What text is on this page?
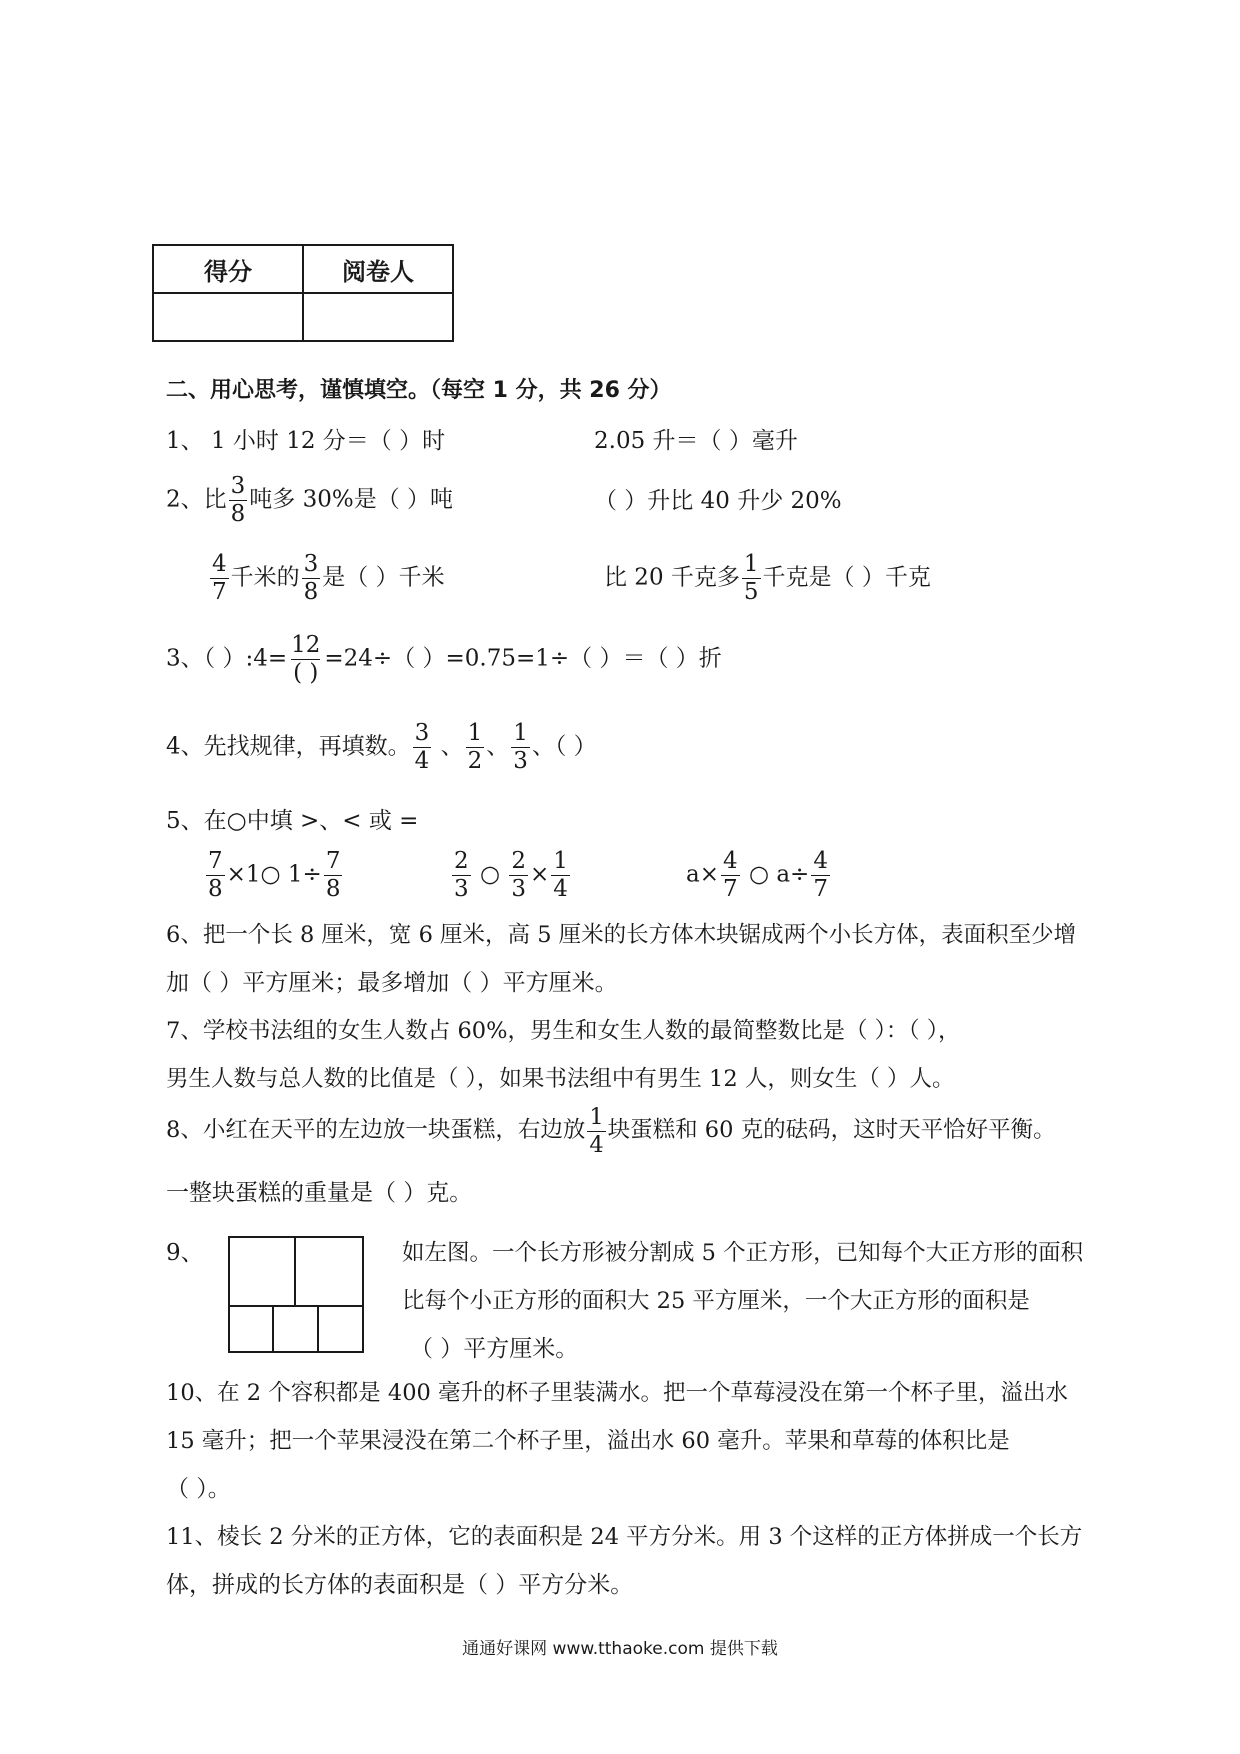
得分	阅卷人

二、用心思考，谨慎填空。（每空 1 分，共 26 分）
1、 1 小时 12 分＝（ ）时	2.05 升＝（ ）毫升
2、比 $\frac{3}{8}$ 吨多 30%是（ ）吨	（ ）升比 40 升少 20%
$\frac{4}{7}$ 千米的 $\frac{3}{8}$ 是（ ）千米	比 20 千克多 $\frac{1}{5}$ 千克是（ ）千克
3、（ ）:4= $\frac{12}{( )} =24\div$（ ）=0.75=1÷（ ）＝（ ）折
4、先找规律，再填数。 $\frac{3}{4}$ 、 $\frac{1}{2}$ 、 $\frac{1}{3}$ 、（ ）
5、在○中填 >、< 或 =
$\frac{7}{8}$ ×1○ $1\div \frac{7}{8}$	$\frac{2}{3}$ ○ $\frac{2}{3} \times \frac{1}{4}$	$a\times \frac{4}{7}$ ○ $a\div \frac{4}{7}$
6、把一个长 8 厘米，宽 6 厘米，高 5 厘米的长方体木块锯成两个小长方体，表面积至少增
加（ ）平方厘米；最多增加（ ）平方厘米。
7、学校书法组的女生人数占 60%，男生和女生人数的最简整数比是（ ）：（ ），
男生人数与总人数的比值是（ ），如果书法组中有男生 12 人，则女生（ ）人。
8、小红在天平的左边放一块蛋糕，右边放 $\frac{1}{4}$ 块蛋糕和 60 克的砝码，这时天平恰好平衡。
一整块蛋糕的重量是（ ）克。
9、	如左图。一个长方形被分割成 5 个正方形，已知每个大正方形的面积
比每个小正方形的面积大 25 平方厘米，一个大正方形的面积是
（ ）平方厘米。
10、在 2 个容积都是 400 毫升的杯子里装满水。把一个草莓浸没在第一个杯子里，溢出水
15 毫升；把一个苹果浸没在第二个杯子里，溢出水 60 毫升。苹果和草莓的体积比是
（ ）。
11、棱长 2 分米的正方体，它的表面积是 24 平方分米。用 3 个这样的正方体拼成一个长方
体，拼成的长方体的表面积是（ ）平方分米。
通通好课网 www.tthaoke.com 提供下载
